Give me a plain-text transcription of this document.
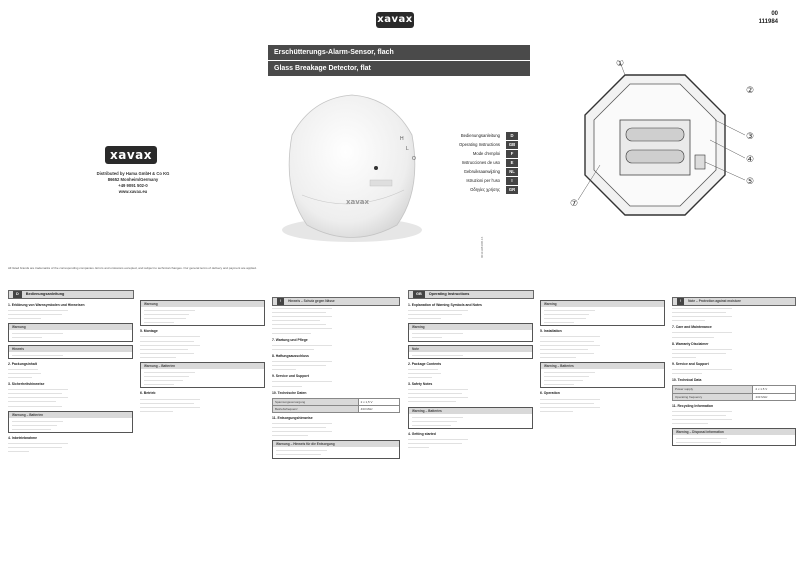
xavax	00
111984
xavax
Distributed by Hama GmbH & Co KG
86652 Monheim/Germany
+49 9091 502-0
www.xavax.eu
All listed brands are trademarks of the corresponding companies. Errors and omissions excepted, and subject to technical changes. Our general terms of delivery and payment are applied.
Erschütterungs-Alarm-Sensor, flach
Glass Breakage Detector, flat
xavax
H
L
O
00111984/08.16
Bedienungsanleitung	D
Operating Instructions	GB
Mode d'emploi	F
Instrucciones de uso	E
Gebruiksaanwijzing	NL
Istruzioni per l'uso	I
Οδηγίες χρήσης	GR
①
②
③
④
⑤
⑦
D Bedienungsanleitung
1. Erklärung von Warnsymbolen und Hinweisen
————————————————————
——————————————————
———————————
Warnung
—————————————————
——————————
Hinweis
—————————————————
2. Packungsinhalt
——————————
———————————
————————
3. Sicherheitshinweise
————————————————————
——————————————————
————————————————————
————————————————
——————————————————
Warnung – Batterien
—————————————————
———————————————
—————————————
4. Inbetriebnahme
————————————————————
——————————————————
———————
Warnung
—————————————————
———————————————
——————————————
——————————
5. Montage
————————————————————
——————————————————
————————————————————
————————————————
——————————————————
————————————
Warnung – Batterien
—————————————————
———————————————
—————————————
——————————
6. Betrieb
————————————————————
——————————————————
————————————————————
———————————
! Hinweis – Schutz gegen Nässe
————————————————————
——————————————————
————————————————————
————————————————
——————————————————
————————————————————
—————————————
7. Wartung und Pflege
————————————————————
——————————————
8. Haftungsausschluss
————————————————————
——————————————————
————————
9. Service und Support
————————————————————
——————————
10. Technische Daten
Spannungsversorgung	2 x 1,5 V
Betriebsfrequenz	433 MHz
11. Entsorgungshinweise
————————————————————
——————————————————
————————————————————
————————————
Warnung – Hinweis für die Entsorgung
—————————————————
———————————————
GB Operating Instructions
1. Explanation of Warning Symbols and Notes
————————————————————
——————————————————
———————————
Warning
—————————————————
——————————
Note
—————————————————
2. Package Contents
——————————
———————————
————————
3. Safety Notes
————————————————————
——————————————————
————————————————————
————————————————
Warning – Batteries
—————————————————
———————————————
—————————————
4. Getting started
————————————————————
——————————————————
———————
Warning
—————————————————
———————————————
——————————————
——————————
5. Installation
————————————————————
——————————————————
————————————————————
————————————————
——————————————————
————————————
Warning – Batteries
—————————————————
———————————————
—————————————
——————————
6. Operation
————————————————————
——————————————————
————————————————————
———————————
! Note – Protection against moisture
————————————————————
——————————————————
————————————————————
———————————
7. Care and Maintenance
————————————————————
——————————————
8. Warranty Disclaimer
————————————————————
——————————————————
————————
9. Service and Support
————————————————————
——————————
10. Technical Data
Power supply	2 x 1.5 V
Operating frequency	433 MHz
11. Recycling Information
————————————————————
——————————————————
————————————————————
————————————
Warning – Disposal information
—————————————————
———————————————
